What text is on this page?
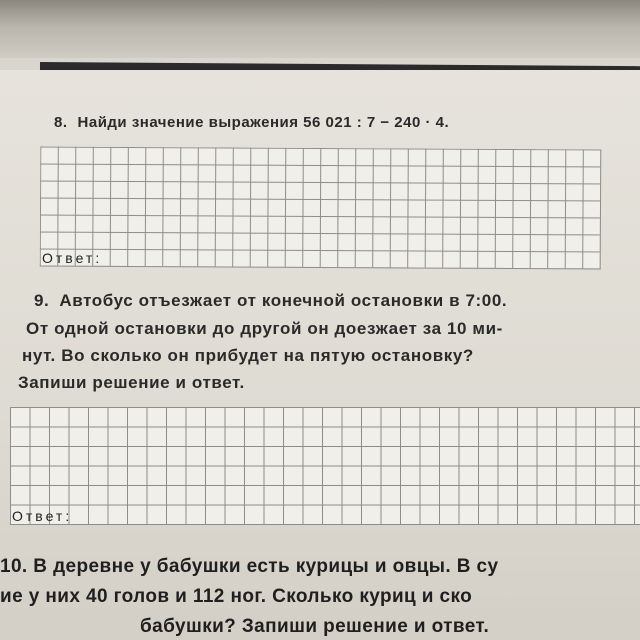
8. Найди значение выражения 56 021 : 7 − 240 · 4.
Ответ:
9. Автобус отъезжает от конечной остановки в 7:00.
От одной остановки до другой он доезжает за 10 ми-
нут. Во сколько он прибудет на пятую остановку?
Запиши решение и ответ.
Ответ:
10. В деревне у бабушки есть курицы и овцы. В су
ие у них 40 голов и 112 ног. Сколько куриц и ско
бабушки? Запиши решение и ответ.
